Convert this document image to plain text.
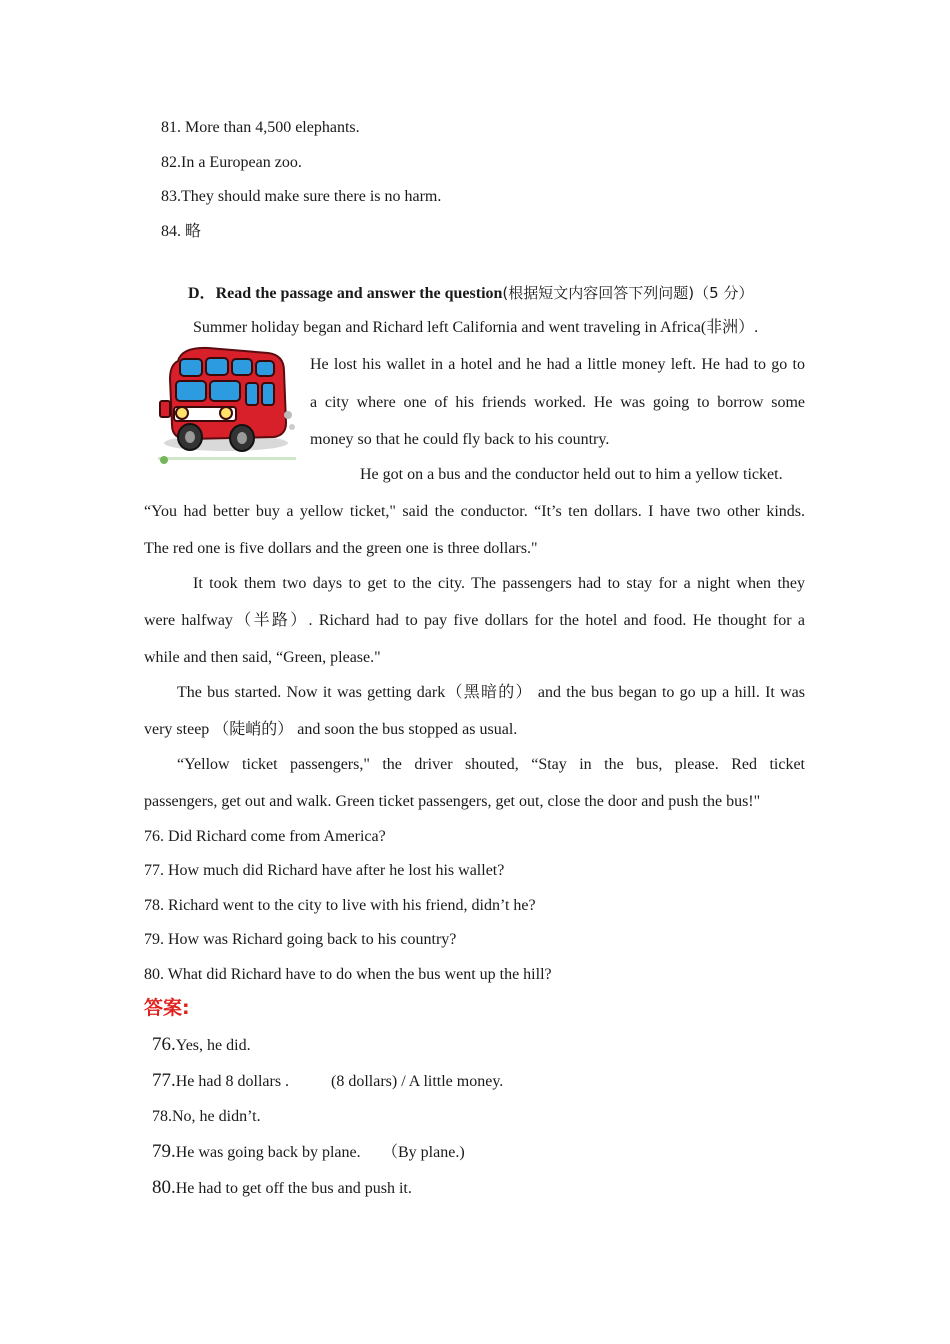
81. More than 4,500 elephants.
82.In a European zoo.
83.They should make sure there is no harm.
84. 略
D．Read the passage and answer the question(根据短文内容回答下列问题)（5 分）
Summer holiday began and Richard left California and went traveling in Africa(非洲）.
He lost his wallet in a hotel and he had a little money left. He had to go to
a city where one of his friends worked. He was going to borrow some
money so that he could fly back to his country.
He got on a bus and the conductor held out to him a yellow ticket.
“You had better buy a yellow ticket," said the conductor. “It’s ten dollars. I have two other kinds.
The red one is five dollars and the green one is three dollars."
It took them two days to get to the city. The passengers had to stay for a night when they
were halfway（半路）. Richard had to pay five dollars for the hotel and food. He thought for a
while and then said, “Green, please."
The bus started. Now it was getting dark（黑暗的） and the bus began to go up a hill. It was
very steep （陡峭的） and soon the bus stopped as usual.
“Yellow ticket passengers," the driver shouted, “Stay in the bus, please. Red ticket
passengers, get out and walk. Green ticket passengers, get out, close the door and push the bus!"
76. Did Richard come from America?
77. How much did Richard have after he lost his wallet?
78. Richard went to the city to live with his friend, didn’t he?
79. How was Richard going back to his country?
80. What did Richard have to do when the bus went up the hill?
答案:
76.Yes, he did.
77.He had 8 dollars .	(8 dollars) / A little money.
78.No, he didn’t.
79.He was going back by plane. （By plane.)
80.He had to get off the bus and push it.
